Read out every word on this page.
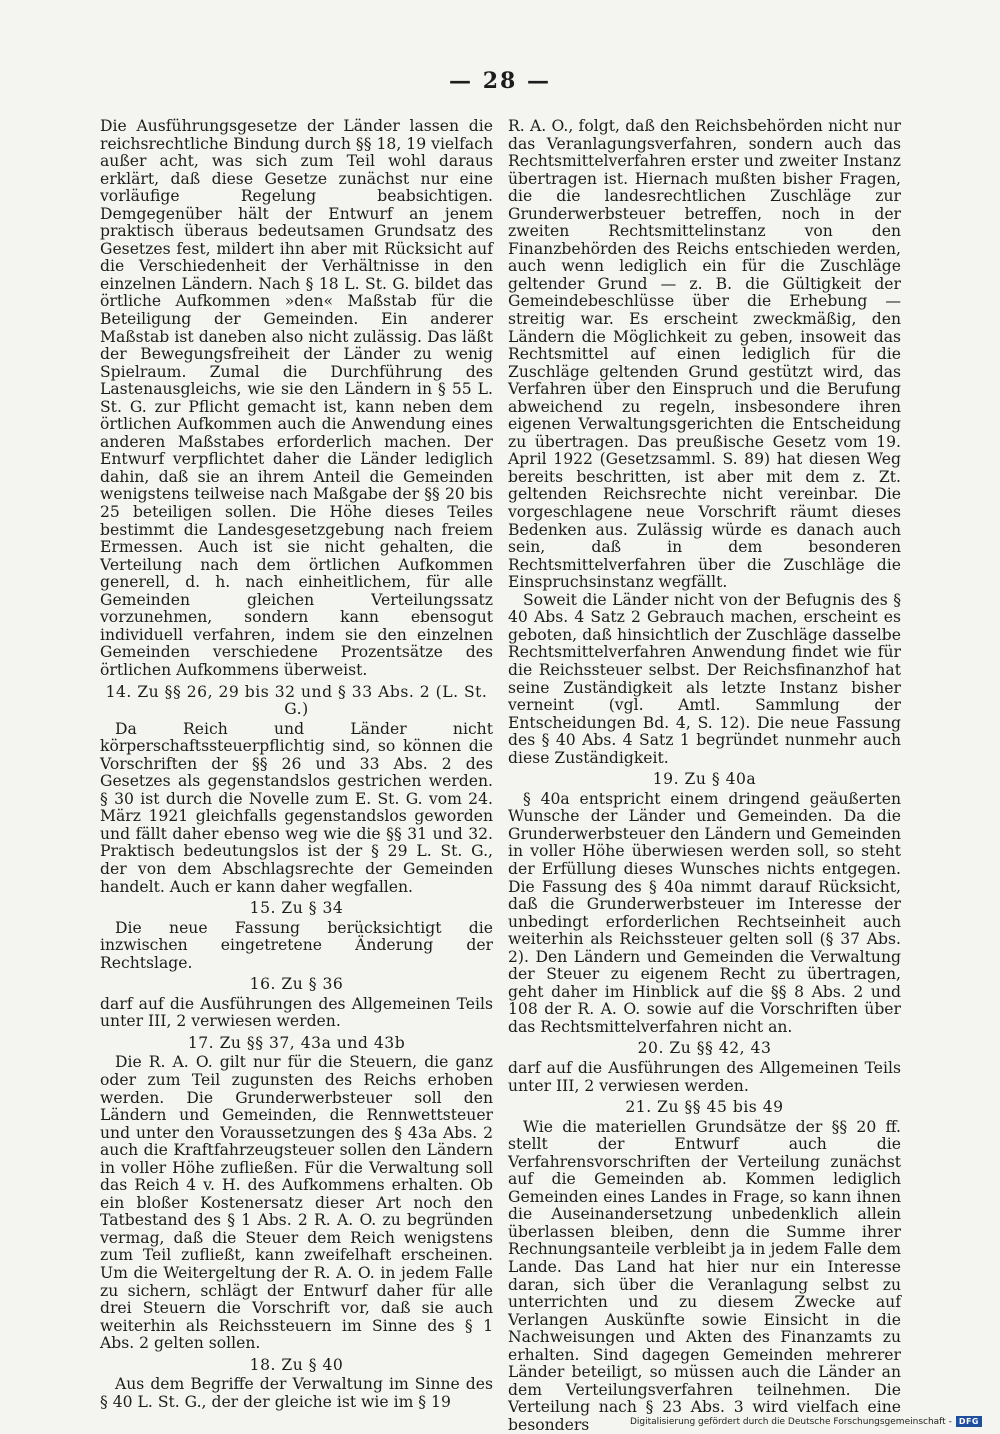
— 28 —

Die Ausführungsgesetze der Länder lassen die reichsrechtliche Bindung durch §§ 18, 19 vielfach außer acht, was sich zum Teil wohl daraus erklärt, daß diese Gesetze zunächst nur eine vorläufige Regelung beabsichtigen. Demgegenüber hält der Entwurf an jenem praktisch überaus bedeutsamen Grundsatz des Gesetzes fest, mildert ihn aber mit Rücksicht auf die Verschiedenheit der Verhältnisse in den einzelnen Ländern. Nach § 18 L. St. G. bildet das örtliche Aufkommen »den« Maßstab für die Beteiligung der Gemeinden. Ein anderer Maßstab ist daneben also nicht zulässig. Das läßt der Bewegungsfreiheit der Länder zu wenig Spielraum. Zumal die Durchführung des Lastenausgleichs, wie sie den Ländern in § 55 L. St. G. zur Pflicht gemacht ist, kann neben dem örtlichen Aufkommen auch die Anwendung eines anderen Maßstabes erforderlich machen. Der Entwurf verpflichtet daher die Länder lediglich dahin, daß sie an ihrem Anteil die Gemeinden wenigstens teilweise nach Maßgabe der §§ 20 bis 25 beteiligen sollen. Die Höhe dieses Teiles bestimmt die Landesgesetzgebung nach freiem Ermessen. Auch ist sie nicht gehalten, die Verteilung nach dem örtlichen Aufkommen generell, d. h. nach einheitlichem, für alle Gemeinden gleichen Verteilungssatz vorzunehmen, sondern kann ebensogut individuell verfahren, indem sie den einzelnen Gemeinden verschiedene Prozentsätze des örtlichen Aufkommens überweist.

14. Zu §§ 26, 29 bis 32 und § 33 Abs. 2 (L. St. G.)

Da Reich und Länder nicht körperschaftssteuerpflichtig sind, so können die Vorschriften der §§ 26 und 33 Abs. 2 des Gesetzes als gegenstandslos gestrichen werden. § 30 ist durch die Novelle zum E. St. G. vom 24. März 1921 gleichfalls gegenstandslos geworden und fällt daher ebenso weg wie die §§ 31 und 32. Praktisch bedeutungslos ist der § 29 L. St. G., der von dem Abschlagsrechte der Gemeinden handelt. Auch er kann daher wegfallen.

15. Zu § 34

Die neue Fassung berücksichtigt die inzwischen eingetretene Änderung der Rechtslage.

16. Zu § 36

darf auf die Ausführungen des Allgemeinen Teils unter III, 2 verwiesen werden.

17. Zu §§ 37, 43a und 43b

Die R. A. O. gilt nur für die Steuern, die ganz oder zum Teil zugunsten des Reichs erhoben werden. Die Grunderwerbsteuer soll den Ländern und Gemeinden, die Rennwettsteuer und unter den Voraussetzungen des § 43a Abs. 2 auch die Kraftfahrzeugsteuer sollen den Ländern in voller Höhe zufließen. Für die Verwaltung soll das Reich 4 v. H. des Aufkommens erhalten. Ob ein bloßer Kostenersatz dieser Art noch den Tatbestand des § 1 Abs. 2 R. A. O. zu begründen vermag, daß die Steuer dem Reich wenigstens zum Teil zufließt, kann zweifelhaft erscheinen. Um die Weitergeltung der R. A. O. in jedem Falle zu sichern, schlägt der Entwurf daher für alle drei Steuern die Vorschrift vor, daß sie auch weiterhin als Reichssteuern im Sinne des § 1 Abs. 2 gelten sollen.

18. Zu § 40

Aus dem Begriffe der Verwaltung im Sinne des § 40 L. St. G., der der gleiche ist wie im § 19

R. A. O., folgt, daß den Reichsbehörden nicht nur das Veranlagungsverfahren, sondern auch das Rechtsmittelverfahren erster und zweiter Instanz übertragen ist. Hiernach mußten bisher Fragen, die die landesrechtlichen Zuschläge zur Grunderwerbsteuer betreffen, noch in der zweiten Rechtsmittelinstanz von den Finanzbehörden des Reichs entschieden werden, auch wenn lediglich ein für die Zuschläge geltender Grund — z. B. die Gültigkeit der Gemeindebeschlüsse über die Erhebung — streitig war. Es erscheint zweckmäßig, den Ländern die Möglichkeit zu geben, insoweit das Rechtsmittel auf einen lediglich für die Zuschläge geltenden Grund gestützt wird, das Verfahren über den Einspruch und die Berufung abweichend zu regeln, insbesondere ihren eigenen Verwaltungsgerichten die Entscheidung zu übertragen. Das preußische Gesetz vom 19. April 1922 (Gesetzsamml. S. 89) hat diesen Weg bereits beschritten, ist aber mit dem z. Zt. geltenden Reichsrechte nicht vereinbar. Die vorgeschlagene neue Vorschrift räumt dieses Bedenken aus. Zulässig würde es danach auch sein, daß in dem besonderen Rechtsmittelverfahren über die Zuschläge die Einspruchsinstanz wegfällt.

Soweit die Länder nicht von der Befugnis des § 40 Abs. 4 Satz 2 Gebrauch machen, erscheint es geboten, daß hinsichtlich der Zuschläge dasselbe Rechtsmittelverfahren Anwendung findet wie für die Reichssteuer selbst. Der Reichsfinanzhof hat seine Zuständigkeit als letzte Instanz bisher verneint (vgl. Amtl. Sammlung der Entscheidungen Bd. 4, S. 12). Die neue Fassung des § 40 Abs. 4 Satz 1 begründet nunmehr auch diese Zuständigkeit.

19. Zu § 40a

§ 40a entspricht einem dringend geäußerten Wunsche der Länder und Gemeinden. Da die Grunderwerbsteuer den Ländern und Gemeinden in voller Höhe überwiesen werden soll, so steht der Erfüllung dieses Wunsches nichts entgegen. Die Fassung des § 40a nimmt darauf Rücksicht, daß die Grunderwerbsteuer im Interesse der unbedingt erforderlichen Rechtseinheit auch weiterhin als Reichssteuer gelten soll (§ 37 Abs. 2). Den Ländern und Gemeinden die Verwaltung der Steuer zu eigenem Recht zu übertragen, geht daher im Hinblick auf die §§ 8 Abs. 2 und 108 der R. A. O. sowie auf die Vorschriften über das Rechtsmittelverfahren nicht an.

20. Zu §§ 42, 43

darf auf die Ausführungen des Allgemeinen Teils unter III, 2 verwiesen werden.

21. Zu §§ 45 bis 49

Wie die materiellen Grundsätze der §§ 20 ff. stellt der Entwurf auch die Verfahrensvorschriften der Verteilung zunächst auf die Gemeinden ab. Kommen lediglich Gemeinden eines Landes in Frage, so kann ihnen die Auseinandersetzung unbedenklich allein überlassen bleiben, denn die Summe ihrer Rechnungsanteile verbleibt ja in jedem Falle dem Lande. Das Land hat hier nur ein Interesse daran, sich über die Veranlagung selbst zu unterrichten und zu diesem Zwecke auf Verlangen Auskünfte sowie Einsicht in die Nachweisungen und Akten des Finanzamts zu erhalten. Sind dagegen Gemeinden mehrerer Länder beteiligt, so müssen auch die Länder an dem Verteilungsverfahren teilnehmen. Die Verteilung nach § 23 Abs. 3 wird vielfach eine besonders	Digitalisierung gefördert durch die Deutsche Forschungsgemeinschaft - DFG
